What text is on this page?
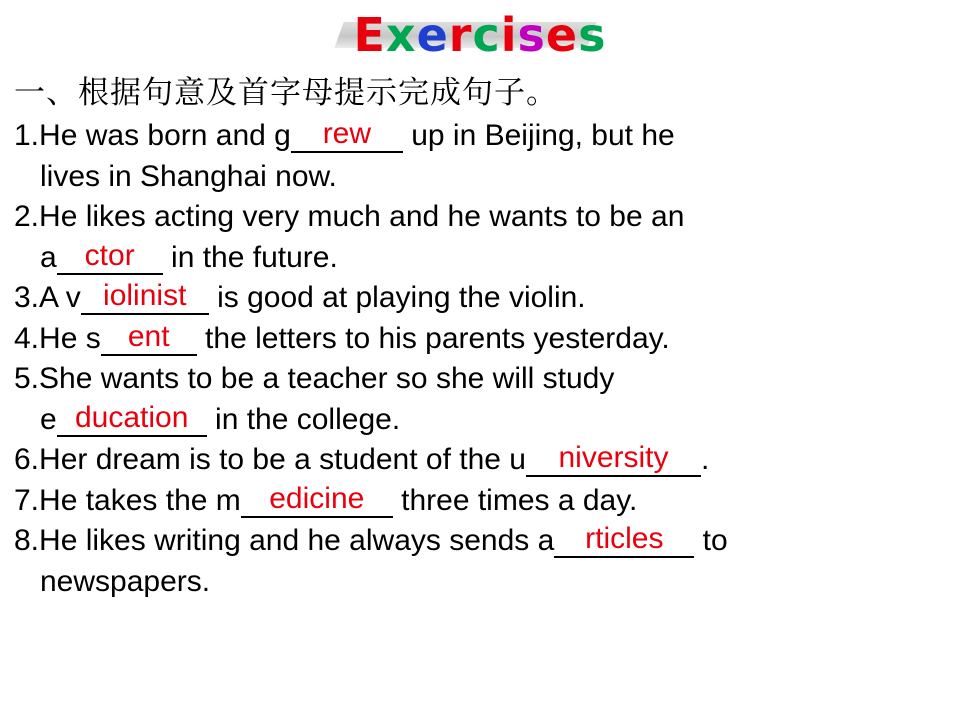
Exercises

一、根据句意及首字母提示完成句子。

1.He was born and g rew up in Beijing, but he

lives in Shanghai now.

2.He likes acting very much and he wants to be an

a ctor in the future.

3.A v iolinist is good at playing the violin.

4.He s ent the letters to his parents yesterday.

5.She wants to be a teacher so she will study

e ducation in the college.

6.Her dream is to be a student of the u niversity .

7.He takes the m edicine three times a day.

8.He likes writing and he always sends a rticles to

newspapers.
